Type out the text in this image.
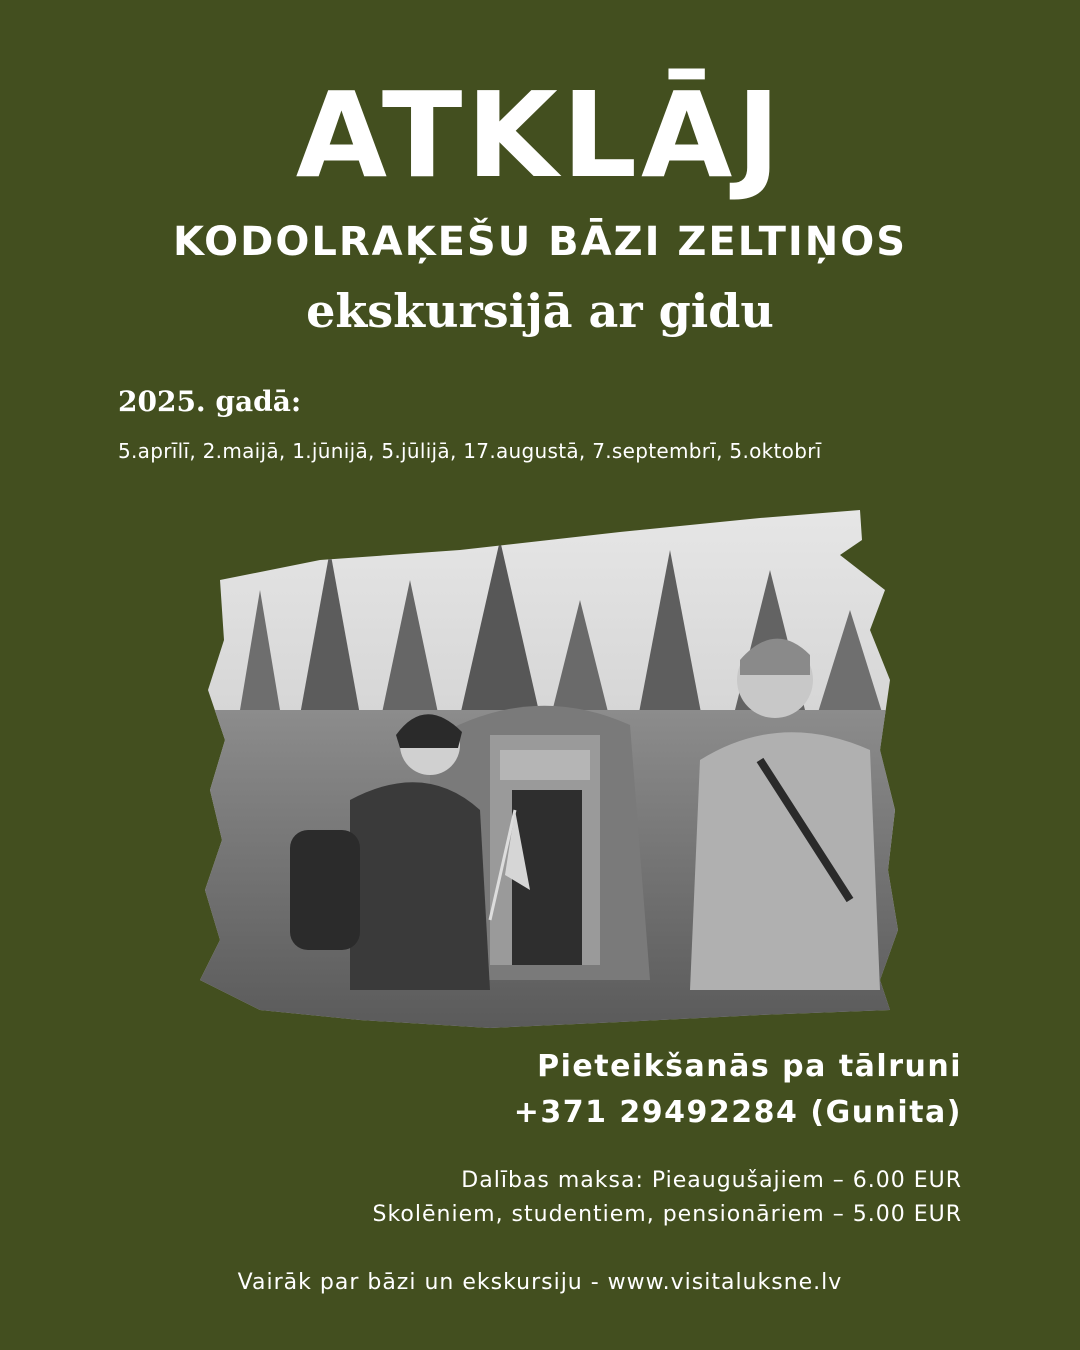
ATKLĀJ
KODOLRAĶEŠU BĀZI ZELTIŅOS
ekskursijā ar gidu
2025. gadā:
5.aprīlī, 2.maijā, 1.jūnijā, 5.jūlijā, 17.augustā, 7.septembrī, 5.oktobrī
Pieteikšanās pa tālruni
+371 29492284 (Gunita)
Dalības maksa: Pieaugušajiem – 6.00 EUR
Skolēniem, studentiem, pensionāriem – 5.00 EUR
Vairāk par bāzi un ekskursiju - www.visitaluksne.lv
